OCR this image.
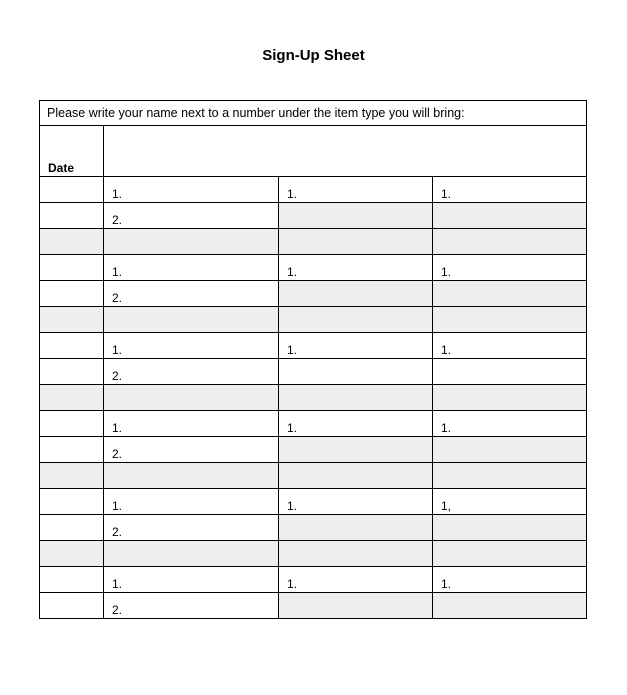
Sign-Up Sheet
Please write your name next to a number under the item type you will bring:			
Date			
	1.	1.	1.
	2.		

	1.	1.	1.
	2.		

	1.	1.	1.
	2.		

	1.	1.	1.
	2.		

	1.	1.	1,
	2.		

	1.	1.	1.
	2.		
